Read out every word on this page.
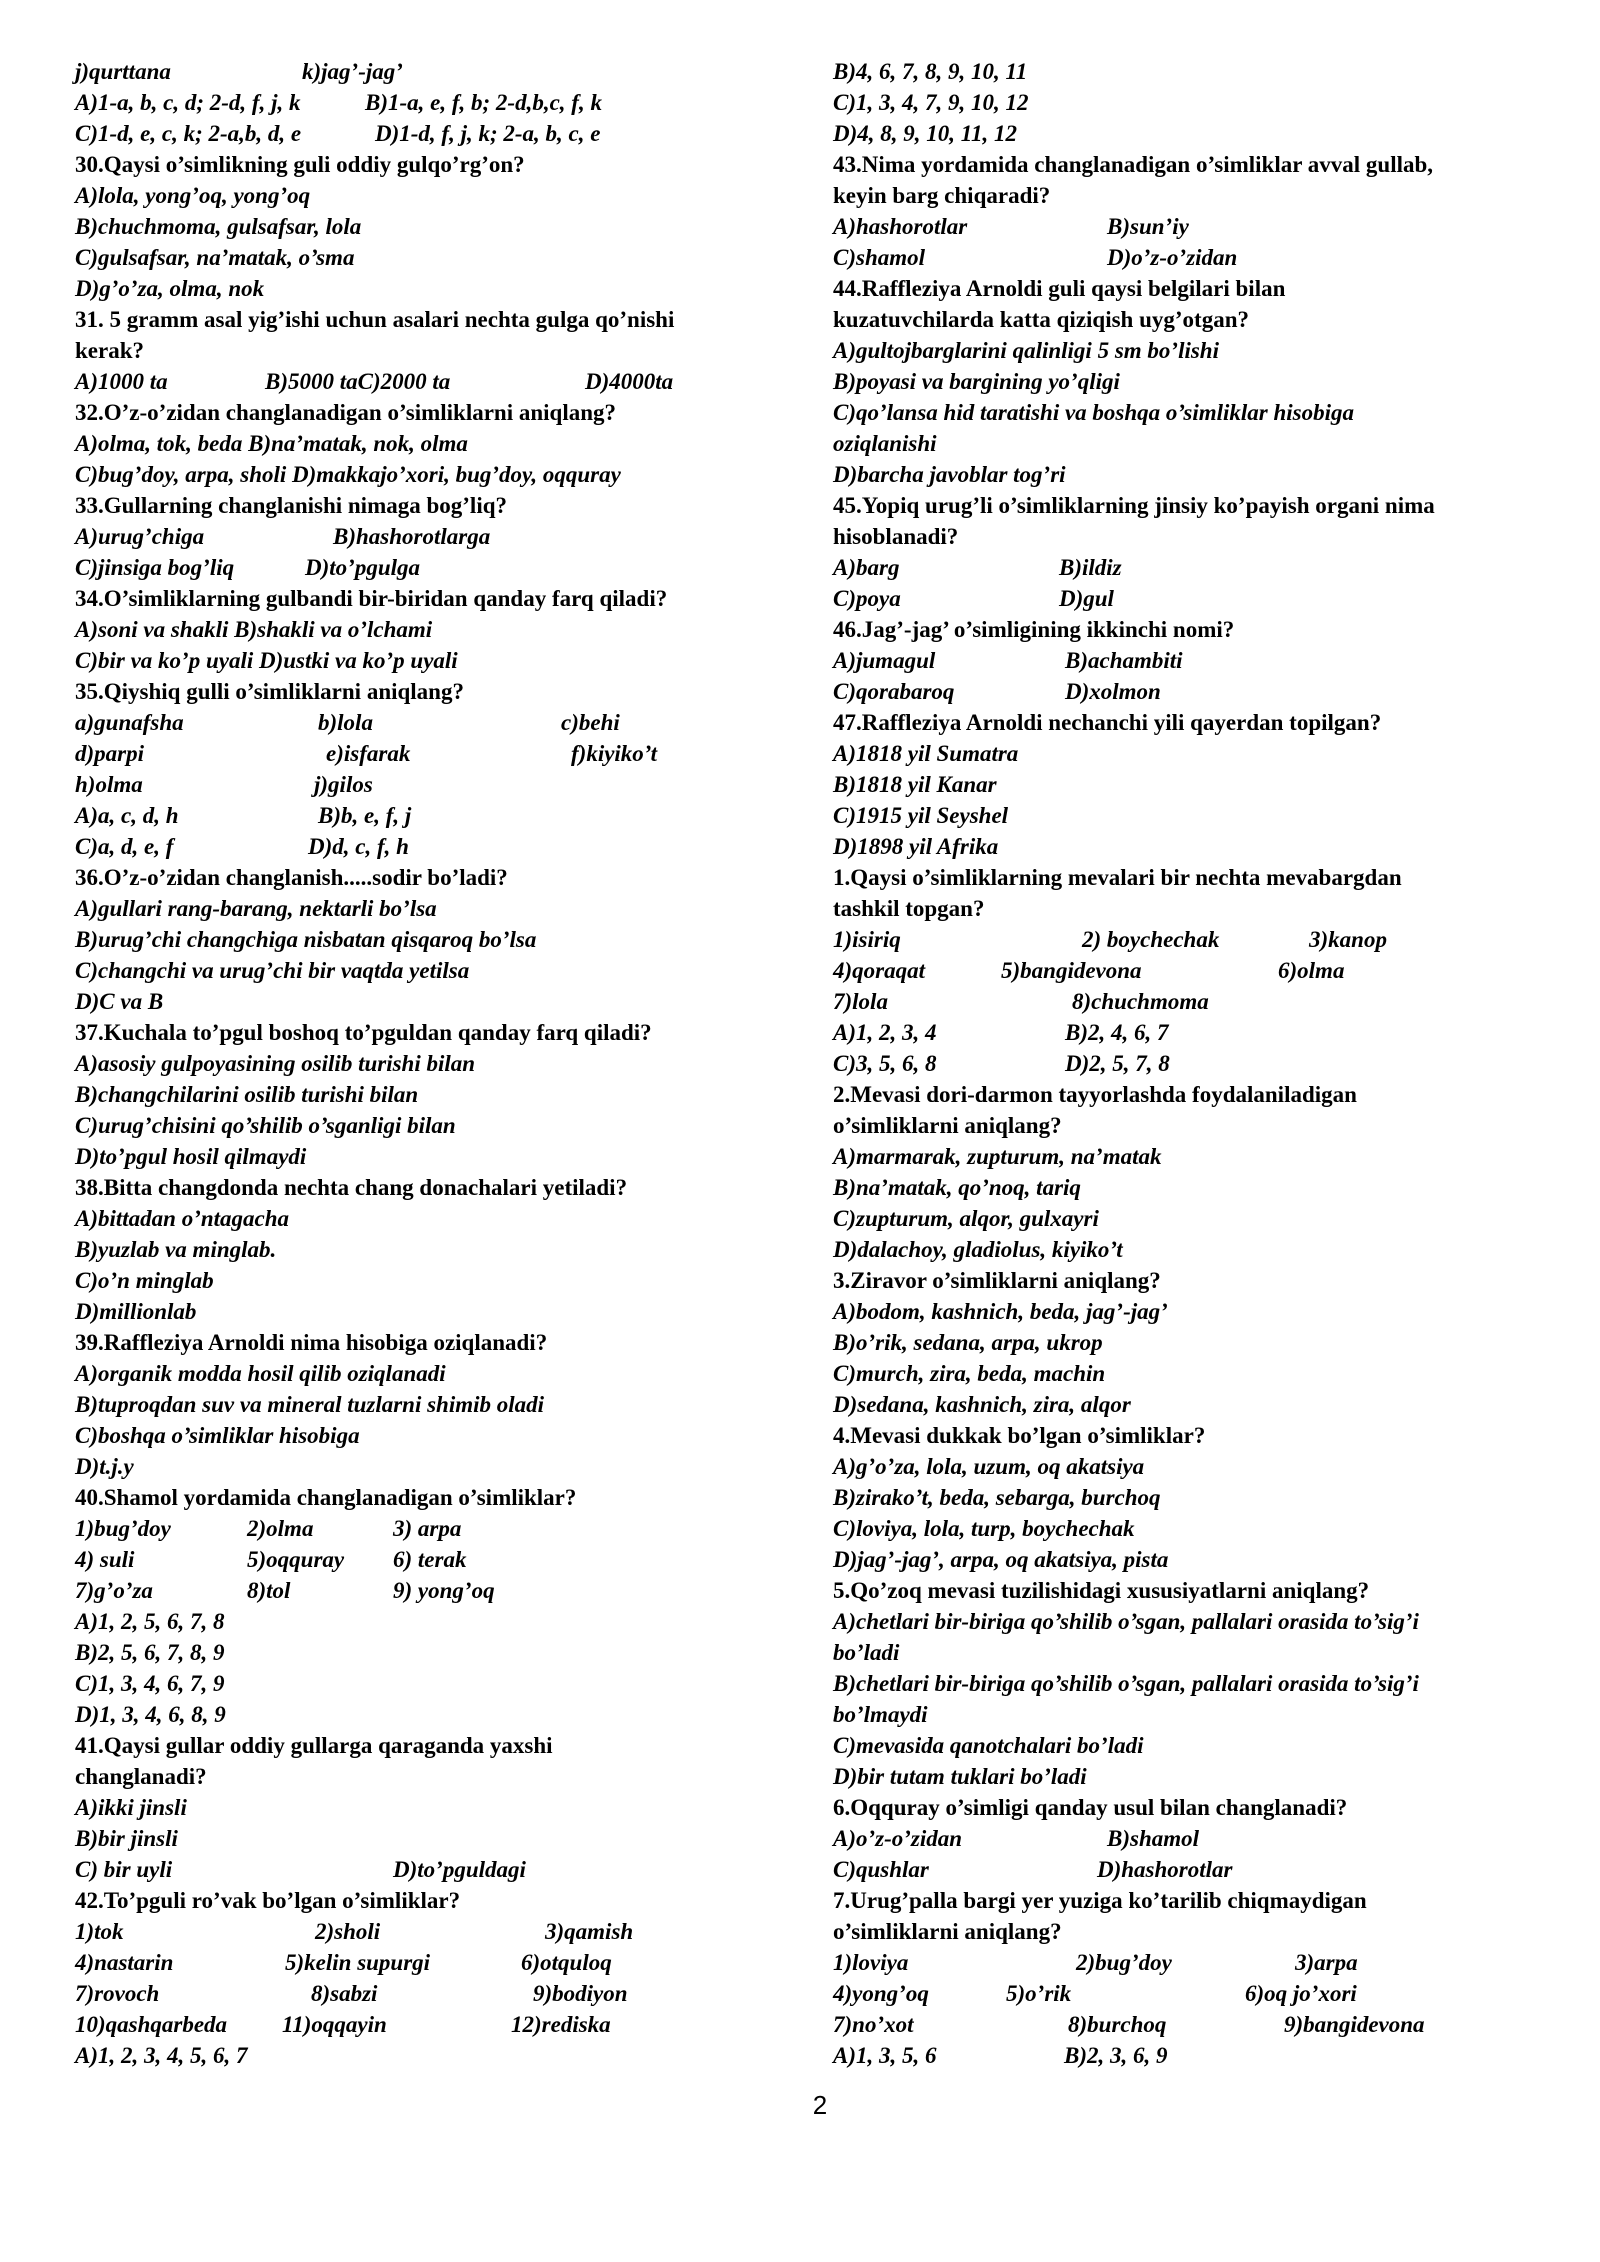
j)qurttana	k)jag’-jag’
A)1-a, b, c, d; 2-d, f, j, k	B)1-a, e, f, b; 2-d,b,c, f, k
C)1-d, e, c, k; 2-a,b, d, e	D)1-d, f, j, k; 2-a, b, c, e
30.Qaysi o’simlikning guli oddiy gulqo’rg’on?
A)lola, yong’oq, yong’oq
B)chuchmoma, gulsafsar, lola
C)gulsafsar, na’matak, o’sma
D)g’o’za, olma, nok
31. 5 gramm asal yig’ishi uchun asalari nechta gulga qo’nishi
kerak?
A)1000 ta	B)5000 taC)2000 ta	D)4000ta
32.O’z-o’zidan changlanadigan o’simliklarni aniqlang?
A)olma, tok, beda B)na’matak, nok, olma
C)bug’doy, arpa, sholi D)makkajo’xori, bug’doy, oqquray
33.Gullarning changlanishi nimaga bog’liq?
A)urug’chiga	B)hashorotlarga
C)jinsiga bog’liq	D)to’pgulga
34.O’simliklarning gulbandi bir-biridan qanday farq qiladi?
A)soni va shakli B)shakli va o’lchami
C)bir va ko’p uyali D)ustki va ko’p uyali
35.Qiyshiq gulli o’simliklarni aniqlang?
a)gunafsha	b)lola	c)behi
d)parpi	e)isfarak	f)kiyiko’t
h)olma	j)gilos
A)a, c, d, h	B)b, e, f, j
C)a, d, e, f	D)d, c, f, h
36.O’z-o’zidan changlanish.....sodir bo’ladi?
A)gullari rang-barang, nektarli bo’lsa
B)urug’chi changchiga nisbatan qisqaroq bo’lsa
C)changchi va urug’chi bir vaqtda yetilsa
D)C va B
37.Kuchala to’pgul boshoq to’pguldan qanday farq qiladi?
A)asosiy gulpoyasining osilib turishi bilan
B)changchilarini osilib turishi bilan
C)urug’chisini qo’shilib o’sganligi bilan
D)to’pgul hosil qilmaydi
38.Bitta changdonda nechta chang donachalari yetiladi?
A)bittadan o’ntagacha
B)yuzlab va minglab.
C)o’n minglab
D)millionlab
39.Raffleziya Arnoldi nima hisobiga oziqlanadi?
A)organik modda hosil qilib oziqlanadi
B)tuproqdan suv va mineral tuzlarni shimib oladi
C)boshqa o’simliklar hisobiga
D)t.j.y
40.Shamol yordamida changlanadigan o’simliklar?
1)bug’doy	2)olma	3) arpa
4) suli	5)oqquray 6) terak
7)g’o’za	8)tol	9) yong’oq
A)1, 2, 5, 6, 7, 8
B)2, 5, 6, 7, 8, 9
C)1, 3, 4, 6, 7, 9
D)1, 3, 4, 6, 8, 9
41.Qaysi gullar oddiy gullarga qaraganda yaxshi
changlanadi?
A)ikki jinsli
B)bir jinsli
C) bir uyli	D)to’pguldagi
42.To’pguli ro’vak bo’lgan o’simliklar?
1)tok	2)sholi	3)qamish
4)nastarin	5)kelin supurgi	6)otquloq
7)rovoch	8)sabzi	9)bodiyon
10)qashqarbeda 11)oqqayin	12)rediska
A)1, 2, 3, 4, 5, 6, 7
B)4, 6, 7, 8, 9, 10, 11
C)1, 3, 4, 7, 9, 10, 12
D)4, 8, 9, 10, 11, 12
43.Nima yordamida changlanadigan o’simliklar avval gullab,
keyin barg chiqaradi?
A)hashorotlar	B)sun’iy
C)shamol	D)o’z-o’zidan
44.Raffleziya Arnoldi guli qaysi belgilari bilan
kuzatuvchilarda katta qiziqish uyg’otgan?
A)gultojbarglarini qalinligi 5 sm bo’lishi
B)poyasi va bargining yo’qligi
C)qo’lansa hid taratishi va boshqa o’simliklar hisobiga
oziqlanishi
D)barcha javoblar tog’ri
45.Yopiq urug’li o’simliklarning jinsiy ko’payish organi nima
hisoblanadi?
A)barg	B)ildiz
C)poya	D)gul
46.Jag’-jag’ o’simligining ikkinchi nomi?
A)jumagul	B)achambiti
C)qorabaroq	D)xolmon
47.Raffleziya Arnoldi nechanchi yili qayerdan topilgan?
A)1818 yil Sumatra
B)1818 yil Kanar
C)1915 yil Seyshel
D)1898 yil Afrika
1.Qaysi o’simliklarning mevalari bir nechta mevabargdan
tashkil topgan?
1)isiriq	2) boychechak	3)kanop
4)qoraqat	5)bangidevona	6)olma
7)lola	8)chuchmoma
A)1, 2, 3, 4	B)2, 4, 6, 7
C)3, 5, 6, 8	D)2, 5, 7, 8
2.Mevasi dori-darmon tayyorlashda foydalaniladigan
o’simliklarni aniqlang?
A)marmarak, zupturum, na’matak
B)na’matak, qo’noq, tariq
C)zupturum, alqor, gulxayri
D)dalachoy, gladiolus, kiyiko’t
3.Ziravor o’simliklarni aniqlang?
A)bodom, kashnich, beda, jag’-jag’
B)o’rik, sedana, arpa, ukrop
C)murch, zira, beda, machin
D)sedana, kashnich, zira, alqor
4.Mevasi dukkak bo’lgan o’simliklar?
A)g’o’za, lola, uzum, oq akatsiya
B)zirako’t, beda, sebarga, burchoq
C)loviya, lola, turp, boychechak
D)jag’-jag’, arpa, oq akatsiya, pista
5.Qo’zoq mevasi tuzilishidagi xususiyatlarni aniqlang?
A)chetlari bir-biriga qo’shilib o’sgan, pallalari orasida to’sig’i
bo’ladi
B)chetlari bir-biriga qo’shilib o’sgan, pallalari orasida to’sig’i
bo’lmaydi
C)mevasida qanotchalari bo’ladi
D)bir tutam tuklari bo’ladi
6.Oqquray o’simligi qanday usul bilan changlanadi?
A)o’z-o’zidan	B)shamol
C)qushlar	D)hashorotlar
7.Urug’palla bargi yer yuziga ko’tarilib chiqmaydigan
o’simliklarni aniqlang?
1)loviya	2)bug’doy	3)arpa
4)yong’oq	5)o’rik	6)oq jo’xori
7)no’xot	8)burchoq	9)bangidevona
A)1, 3, 5, 6	B)2, 3, 6, 9
2
